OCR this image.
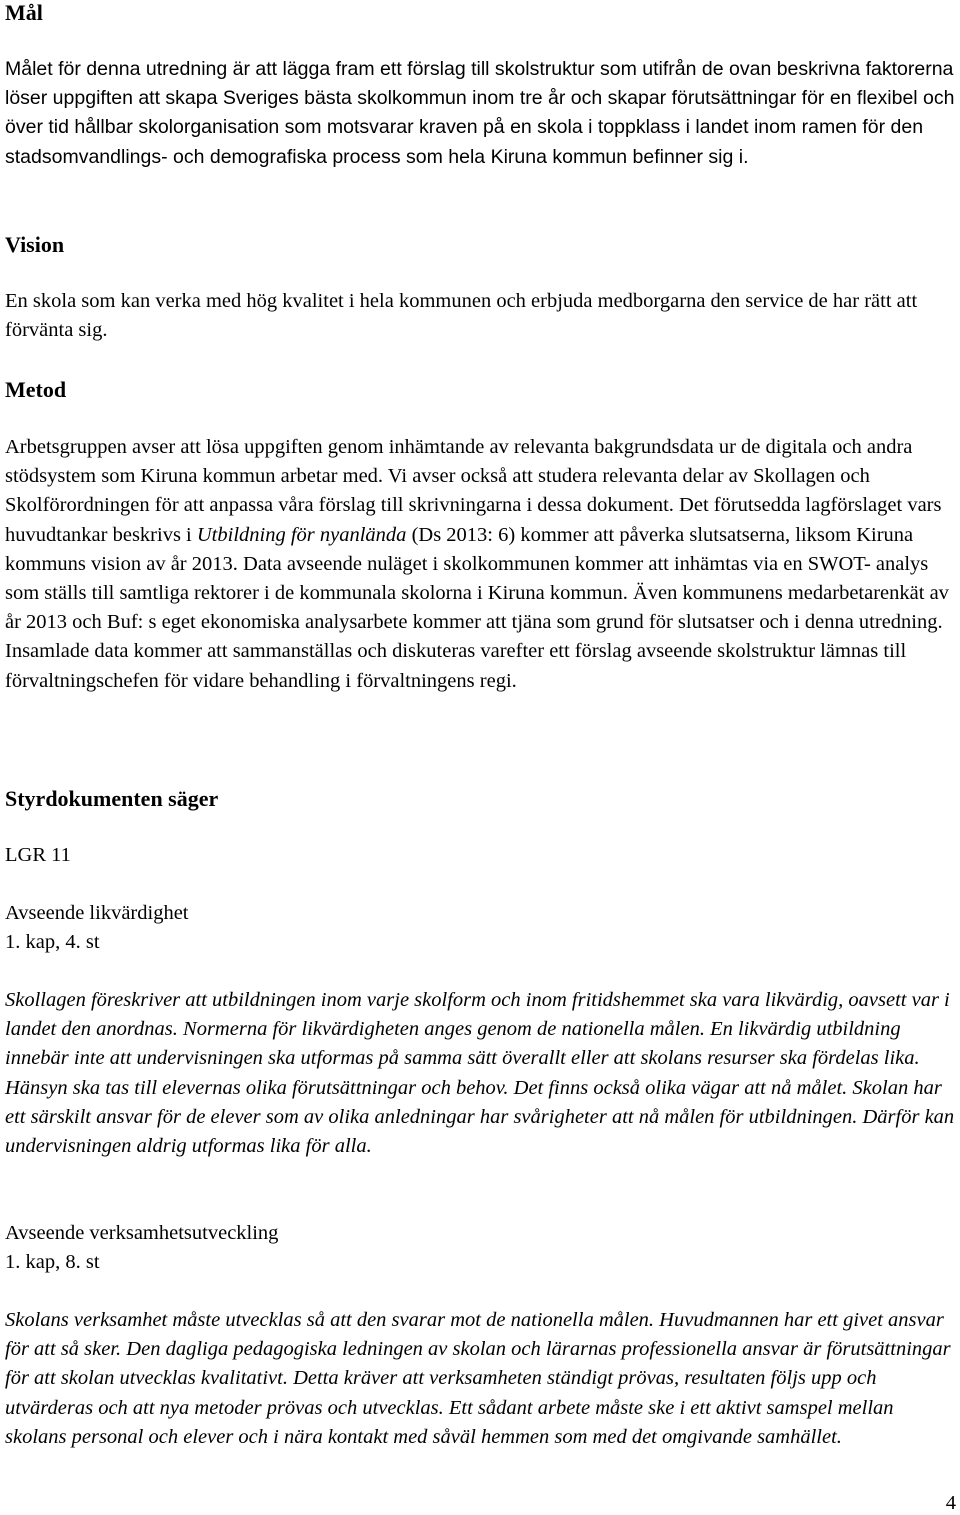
Mål

Målet för denna utredning är att lägga fram ett förslag till skolstruktur som utifrån de ovan beskrivna faktorerna löser uppgiften att skapa Sveriges bästa skolkommun inom tre år och skapar förutsättningar för en flexibel och över tid hållbar skolorganisation som motsvarar kraven på en skola i toppklass i landet inom ramen för den stadsomvandlings- och demografiska process som hela Kiruna kommun befinner sig i.

Vision

En skola som kan verka med hög kvalitet i hela kommunen och erbjuda medborgarna den service de har rätt att förvänta sig.

Metod

Arbetsgruppen avser att lösa uppgiften genom inhämtande av relevanta bakgrundsdata ur de digitala och andra stödsystem som Kiruna kommun arbetar med. Vi avser också att studera relevanta delar av Skollagen och Skolförordningen för att anpassa våra förslag till skrivningarna i dessa dokument. Det förutsedda lagförslaget vars huvudtankar beskrivs i Utbildning för nyanlända (Ds 2013: 6) kommer att påverka slutsatserna, liksom Kiruna kommuns vision av år 2013. Data avseende nuläget i skolkommunen kommer att inhämtas via en SWOT- analys som ställs till samtliga rektorer i de kommunala skolorna i Kiruna kommun. Även kommunens medarbetarenkät av år 2013 och Buf: s eget ekonomiska analysarbete kommer att tjäna som grund för slutsatser och i denna utredning. Insamlade data kommer att sammanställas och diskuteras varefter ett förslag avseende skolstruktur lämnas till förvaltningschefen för vidare behandling i förvaltningens regi.

Styrdokumenten säger

LGR 11

Avseende likvärdighet

1. kap, 4. st

Skollagen föreskriver att utbildningen inom varje skolform och inom fritidshemmet ska vara likvärdig, oavsett var i landet den anordnas. Normerna för likvärdigheten anges genom de nationella målen. En likvärdig utbildning innebär inte att undervisningen ska utformas på samma sätt överallt eller att skolans resurser ska fördelas lika. Hänsyn ska tas till elevernas olika förutsättningar och behov. Det finns också olika vägar att nå målet. Skolan har ett särskilt ansvar för de elever som av olika anledningar har svårigheter att nå målen för utbildningen. Därför kan undervisningen aldrig utformas lika för alla.

Avseende verksamhetsutveckling

1. kap, 8. st

Skolans verksamhet måste utvecklas så att den svarar mot de nationella målen. Huvudmannen har ett givet ansvar för att så sker. Den dagliga pedagogiska ledningen av skolan och lärarnas professionella ansvar är förutsättningar för att skolan utvecklas kvalitativt. Detta kräver att verksamheten ständigt prövas, resultaten följs upp och utvärderas och att nya metoder prövas och utvecklas. Ett sådant arbete måste ske i ett aktivt samspel mellan skolans personal och elever och i nära kontakt med såväl hemmen som med det omgivande samhället.

4
